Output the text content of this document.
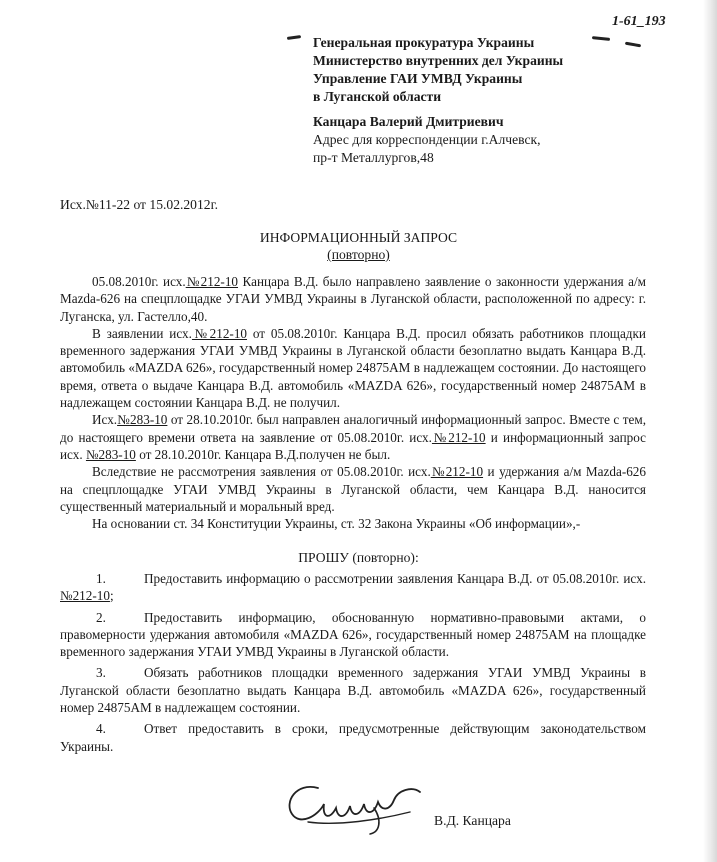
1-61_193
Генеральная прокуратура Украины
Министерство внутренних дел Украины
Управление ГАИ УМВД Украины
в Луганской области
Канцара Валерий Дмитриевич
Адрес для корреспонденции г.Алчевск,
пр-т Металлургов,48
Исх.№11-22 от 15.02.2012г.
ИНФОРМАЦИОННЫЙ ЗАПРОС
(повторно)

05.08.2010г. исх.№212-10 Канцара В.Д. было направлено заявление о законности удержания а/м Mazda-626 на спецплощадке УГАИ УМВД Украины в Луганской области, расположенной по адресу: г. Луганска, ул. Гастелло,40.

В заявлении исх.№212-10 от 05.08.2010г. Канцара В.Д. просил обязать работников площадки временного задержания УГАИ УМВД Украины в Луганской области безоплатно выдать Канцара В.Д. автомобиль «MAZDA 626», государственный номер 24875АМ в надлежащем состоянии. До настоящего время, ответа о выдаче Канцара В.Д. автомобиль «MAZDA 626», государственный номер 24875АМ в надлежащем состоянии Канцара В.Д. не получил.

Исх.№283-10 от 28.10.2010г. был направлен аналогичный информационный запрос. Вместе с тем, до настоящего времени ответа на заявление от 05.08.2010г. исх.№212-10 и информационный запрос исх. №283-10 от 28.10.2010г. Канцара В.Д.получен не был.

Вследствие не рассмотрения заявления от 05.08.2010г. исх.№212-10 и удержания а/м Mazda-626 на спецплощадке УГАИ УМВД Украины в Луганской области, чем Канцара В.Д. наносится существенный материальный и моральный вред.

На основании ст. 34 Конституции Украины, ст. 32 Закона Украины «Об информации»,-

ПРОШУ (повторно):

1.	Предоставить информацию о рассмотрении заявления Канцара В.Д. от 05.08.2010г. исх.№212-10;

2.	Предоставить информацию, обоснованную нормативно-правовыми актами, о правомерности удержания автомобиля «MAZDA 626», государственный номер 24875АМ на площадке временного задержания УГАИ УМВД Украины в Луганской области.

3.	Обязать работников площадки временного задержания УГАИ УМВД Украины в Луганской области безоплатно выдать Канцара В.Д. автомобиль «MAZDA 626», государственный номер 24875АМ в надлежащем состоянии.

4.	Ответ предоставить в сроки, предусмотренные действующим законодательством Украины.

В.Д. Канцара
